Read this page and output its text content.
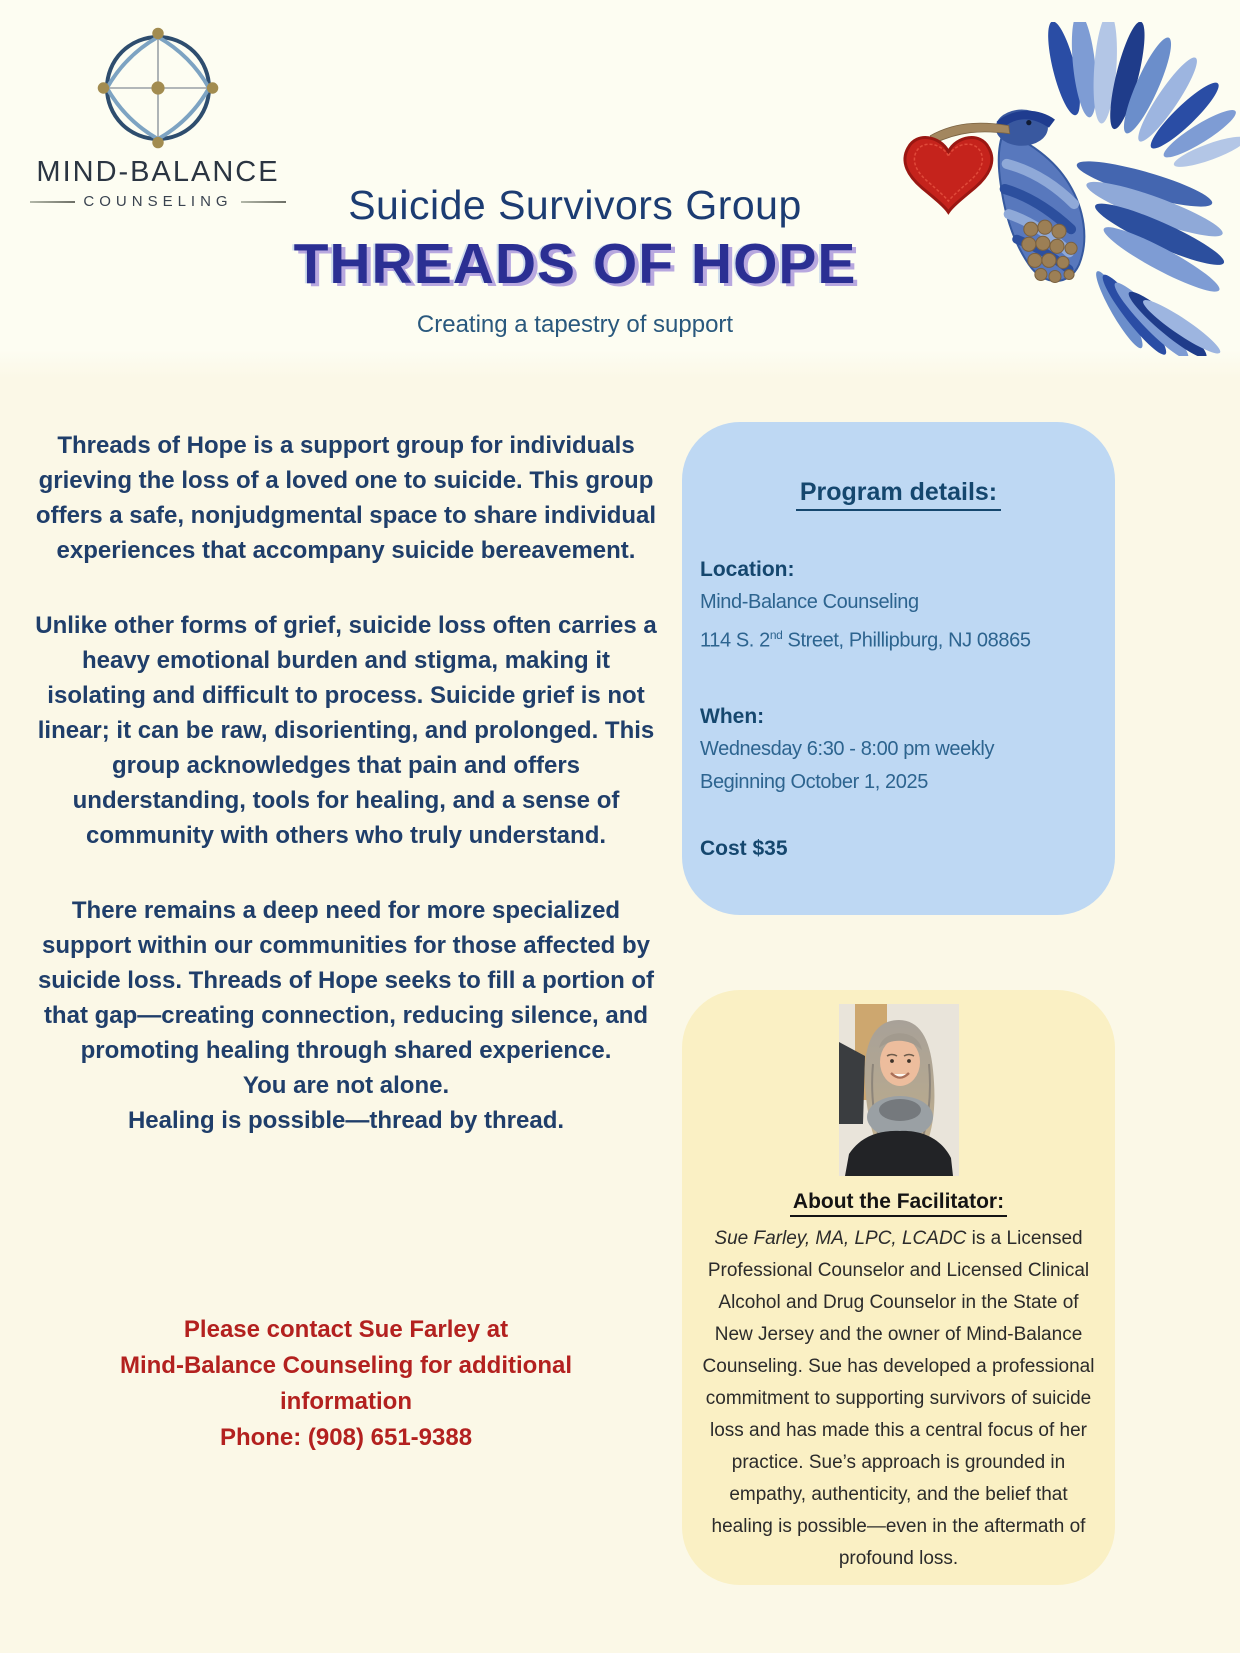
MIND-BALANCE
COUNSELING	Suicide Survivors Group
THREADS OF HOPE
Creating a tapestry of support

Threads of Hope is a support group for individuals grieving the loss of a loved one to suicide. This group offers a safe, nonjudgmental space to share individual experiences that accompany suicide bereavement.

Unlike other forms of grief, suicide loss often carries a heavy emotional burden and stigma, making it isolating and difficult to process. Suicide grief is not linear; it can be raw, disorienting, and prolonged. This group acknowledges that pain and offers understanding, tools for healing, and a sense of community with others who truly understand.

There remains a deep need for more specialized support within our communities for those affected by suicide loss. Threads of Hope seeks to fill a portion of that gap—creating connection, reducing silence, and promoting healing through shared experience.

You are not alone.
Healing is possible—thread by thread.
Please contact Sue Farley at
Mind-Balance Counseling for additional
information
Phone: (908) 651-9388
Program details:
Location:
Mind-Balance Counseling
114 S. 2nd Street, Phillipburg, NJ 08865
When:
Wednesday 6:30 - 8:00 pm weekly
Beginning October 1, 2025
Cost $35
About the Facilitator:

Sue Farley, MA, LPC, LCADC is a Licensed Professional Counselor and Licensed Clinical Alcohol and Drug Counselor in the State of New Jersey and the owner of Mind-Balance Counseling. Sue has developed a professional commitment to supporting survivors of suicide loss and has made this a central focus of her practice. Sue’s approach is grounded in empathy, authenticity, and the belief that healing is possible—even in the aftermath of profound loss.
